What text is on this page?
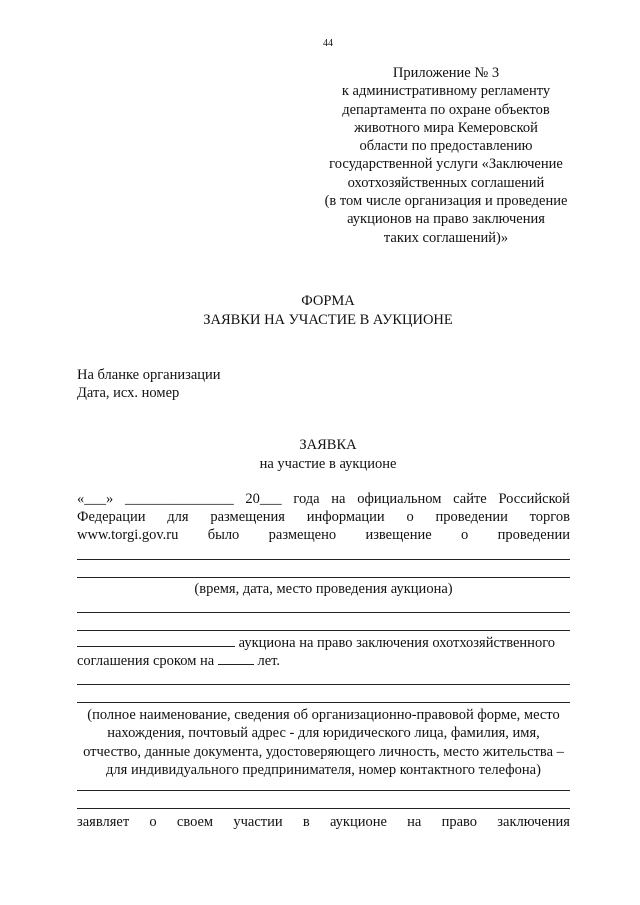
44
Приложение № 3
к административному регламенту
департамента по охране объектов
животного мира Кемеровской
области по предоставлению
государственной услуги «Заключение
охотхозяйственных соглашений
(в том числе организация и проведение
аукционов на право заключения
таких соглашений)»
ФОРМА
ЗАЯВКИ НА УЧАСТИЕ В АУКЦИОНЕ
На бланке организации
Дата, исх. номер
ЗАЯВКА
на участие в аукционе
«___» _______________ 20___ года на официальном сайте Российской
Федерации для размещения информации о проведении торгов
www.torgi.gov.ru было размещено извещение о проведении
(время, дата, место проведения аукциона)
аукциона на право заключения охотхозяйственного
соглашения сроком на  лет.
(полное наименование, сведения об организационно-правовой форме, место
нахождения, почтовый адрес - для юридического лица, фамилия, имя,
отчество, данные документа, удостоверяющего личность, место жительства –
для индивидуального предпринимателя, номер контактного телефона)
заявляет о своем участии в аукционе на право заключения
